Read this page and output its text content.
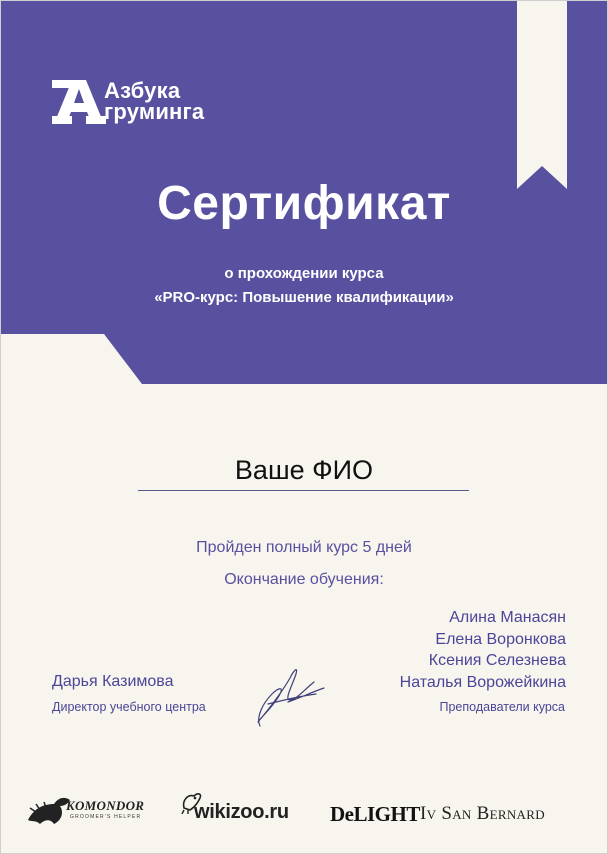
Азбука
груминга
Сертификат
о прохождении курса
«PRO-курс: Повышение квалификации»
Ваше ФИО
Пройден полный курс 5 дней
Окончание обучения:
Алина Манасян
Елена Воронкова
Ксения Селезнева
Наталья Ворожейкина
Преподаватели курса
Дарья Казимова
Директор учебного центра
KOMONDOR
GROOMER'S HELPER	wikizoo.ru DeLIGHT Iv San Bernard
